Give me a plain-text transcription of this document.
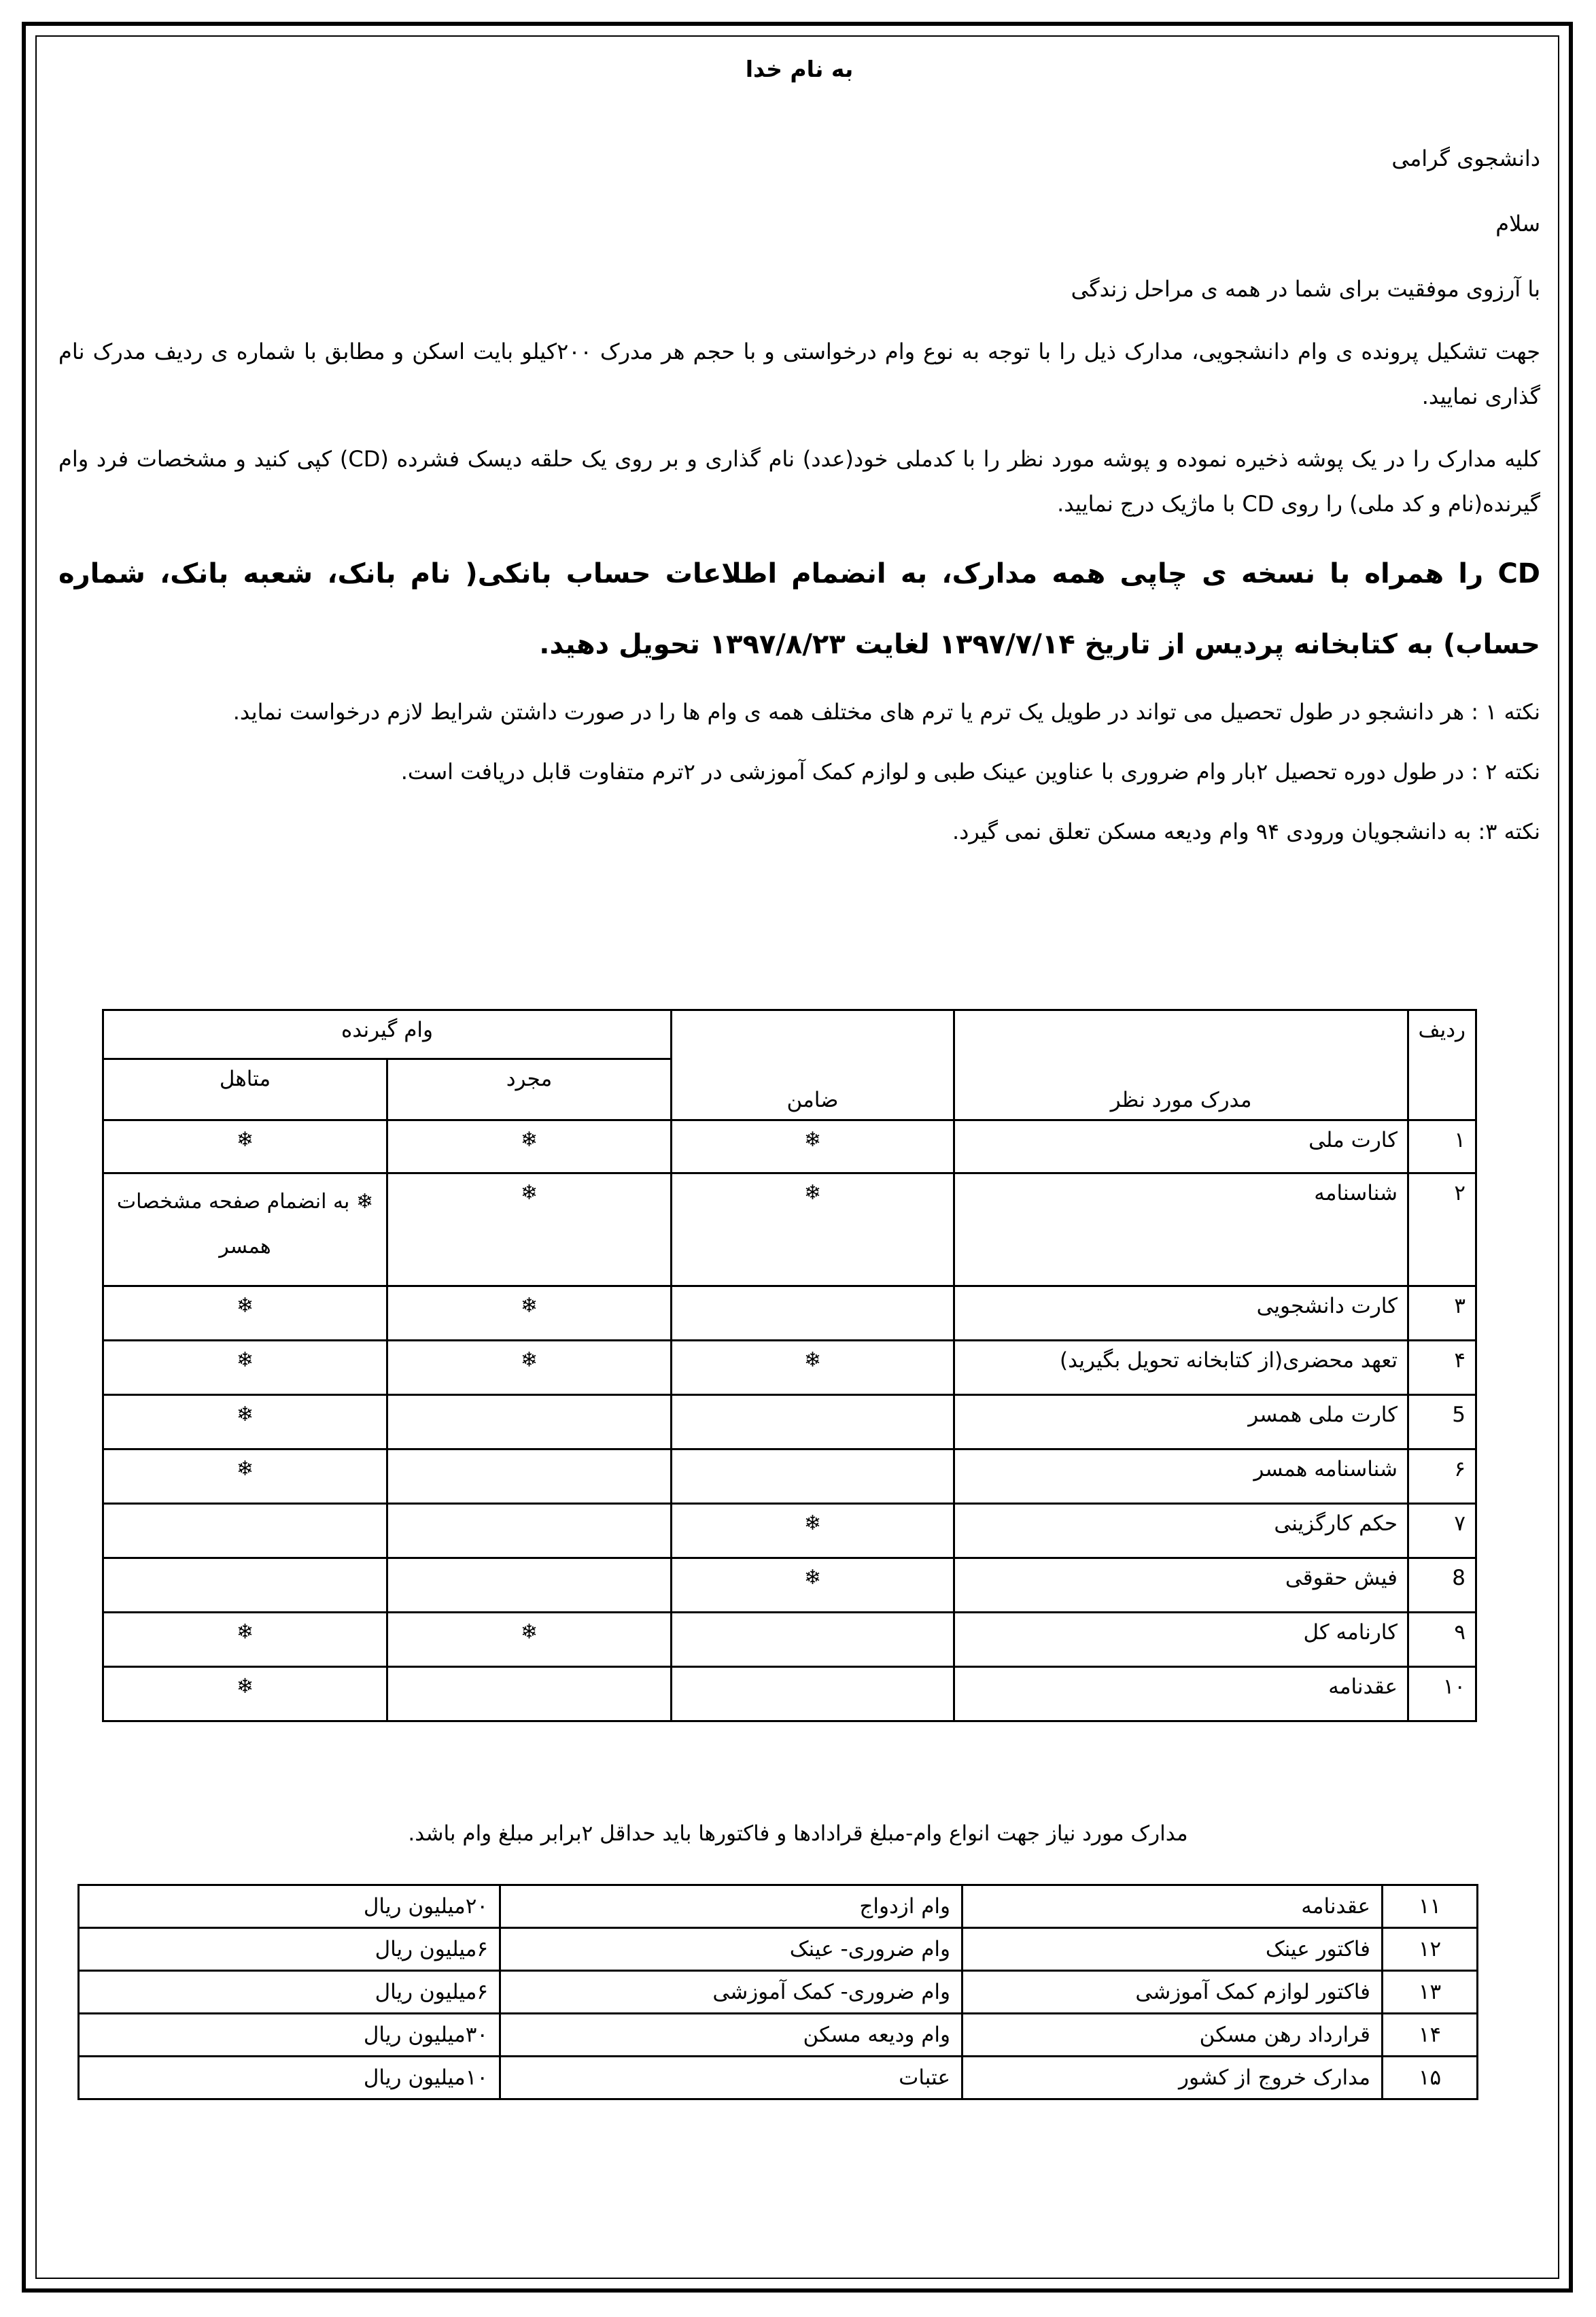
به نام خدا

دانشجوی گرامی

سلام

با آرزوی موفقیت برای شما در همه ی مراحل زندگی

جهت تشکیل پرونده ی وام دانشجویی، مدارک ذیل را با توجه به نوع وام درخواستی و با حجم هر مدرک ۲۰۰کیلو بایت اسکن و مطابق با شماره ی ردیف مدرک نام گذاری نمایید.

کلیه مدارک را در یک پوشه ذخیره نموده و پوشه مورد نظر را با کدملی خود(عدد) نام گذاری و بر روی یک حلقه دیسک فشرده (CD) کپی کنید و مشخصات فرد وام گیرنده(نام و کد ملی) را روی CD با ماژیک درج نمایید.

CD را همراه با نسخه ی چاپی همه مدارک، به انضمام اطلاعات حساب بانکی( نام بانک، شعبه بانک، شماره حساب) به کتابخانه پردیس از تاریخ ۱۳۹۷/۷/۱۴ لغایت ۱۳۹۷/۸/۲۳ تحویل دهید.

نکته ۱ : هر دانشجو در طول تحصیل می تواند در طویل یک ترم یا ترم های مختلف همه ی وام ها را در صورت داشتن شرایط لازم درخواست نماید.

نکته ۲ : در طول دوره تحصیل ۲بار وام ضروری با عناوین عینک طبی و لوازم کمک آموزشی در ۲ترم متفاوت قابل دریافت است.

نکته ۳: به دانشجویان ورودی ۹۴ وام ودیعه مسکن تعلق نمی گیرد.

ردیف	مدرک مورد نظر	ضامن	وام گیرنده	
			مجرد	متاهل
۱	کارت ملی	❄	❄	❄
۲	شناسنامه	❄	❄	❄ به انضمام صفحه مشخصات همسر
۳	کارت دانشجویی		❄	❄
۴	تعهد محضری(از کتابخانه تحویل بگیرید)	❄	❄	❄
5	کارت ملی همسر			❄
۶	شناسنامه همسر			❄
۷	حکم کارگزینی	❄		
8	فیش حقوقی	❄		
۹	کارنامه کل		❄	❄
۱۰	عقدنامه			❄
مدارک مورد نیاز جهت انواع وام-مبلغ قرادادها و فاکتورها باید حداقل ۲برابر مبلغ وام باشد.
۱۱	عقدنامه	وام ازدواج	۲۰میلیون ریال
۱۲	فاکتور عینک	وام ضروری- عینک	۶میلیون ریال
۱۳	فاکتور لوازم کمک آموزشی	وام ضروری- کمک آموزشی	۶میلیون ریال
۱۴	قرارداد رهن مسکن	وام ودیعه مسکن	۳۰میلیون ریال
۱۵	مدارک خروج از کشور	عتبات	۱۰میلیون ریال
